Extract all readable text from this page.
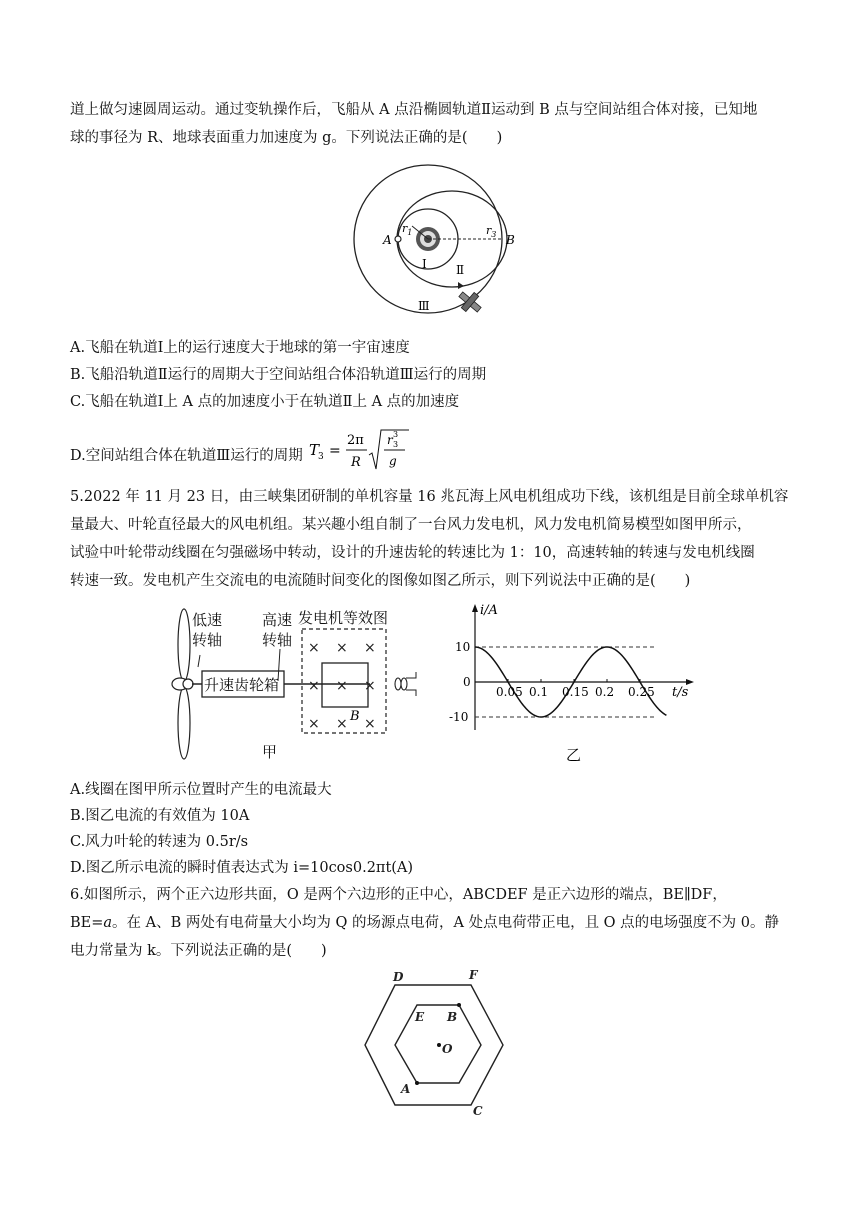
道上做匀速圆周运动。通过变轨操作后，飞船从 A 点沿椭圆轨道Ⅱ运动到 B 点与空间站组合体对接，已知地
球的事径为 R、地球表面重力加速度为 g。下列说法正确的是(　　)
A	B
$r_1$	$r_3$
Ⅰ Ⅱ
Ⅲ
A.飞船在轨道Ⅰ上的运行速度大于地球的第一宇宙速度
B.飞船沿轨道Ⅱ运行的周期大于空间站组合体沿轨道Ⅲ运行的周期
C.飞船在轨道Ⅰ上 A 点的加速度小于在轨道Ⅱ上 A 点的加速度
D.空间站组合体在轨道Ⅲ运行的周期 T
3 =
2π
R
r 3
3
g
5.2022 年 11 月 23 日，由三峡集团研制的单机容量 16 兆瓦海上风电机组成功下线，该机组是目前全球单机容
量最大、叶轮直径最大的风电机组。某兴趣小组自制了一台风力发电机，风力发电机简易模型如图甲所示，
试验中叶轮带动线圈在匀强磁场中转动，设计的升速齿轮的转速比为 1：10，高速转轴的转速与发电机线圈
转速一致。发电机产生交流电的电流随时间变化的图像如图乙所示，则下列说法中正确的是(　　)
× × ×
× × ×
× × ×
B
低速
转轴
高速
转轴
发电机等效图
升速齿轮箱
甲
0.05 0.1 0.15 0.2 0.25
10
0
-10
i/A
t/s
乙
A.线圈在图甲所示位置时产生的电流最大
B.图乙电流的有效值为 10A
C.风力叶轮的转速为 0.5r/s
D.图乙所示电流的瞬时值表达式为 i=10cos0.2πt(A)
6.如图所示，两个正六边形共面，O 是两个六边形的正中心，ABCDEF 是正六边形的端点，BE∥DF，
BE=a。在 A、B 两处有电荷量大小均为 Q 的场源点电荷，A 处点电荷带正电，且 O 点的电场强度不为 0。静
电力常量为 k。下列说法正确的是(　　)
D	F
E B
O
A
C
